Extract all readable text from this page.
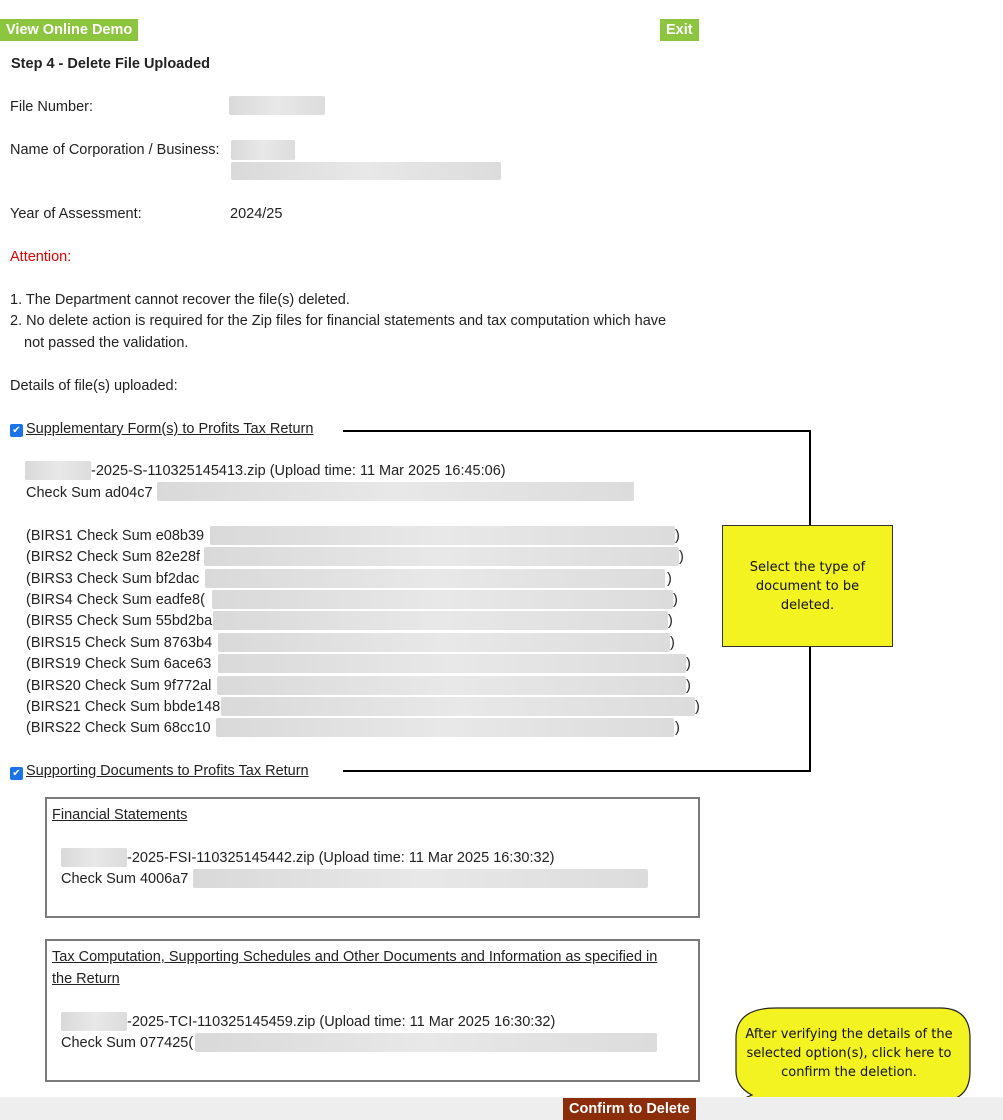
View Online Demo	Exit
Step 4 - Delete File Uploaded
File Number:
Name of Corporation / Business:
Year of Assessment:	2024/25
Attention:
1. The Department cannot recover the file(s) deleted.
2. No delete action is required for the Zip files for financial statements and tax computation which have
not passed the validation.
Details of file(s) uploaded:
✔ Supplementary Form(s) to Profits Tax Return
-2025-S-110325145413.zip (Upload time: 11 Mar 2025 16:45:06)
Check Sum ad04c7
(BIRS1 Check Sum e08b39	)
(BIRS2 Check Sum 82e28f	)
(BIRS3 Check Sum bf2dac	)
(BIRS4 Check Sum eadfe8(	)
(BIRS5 Check Sum 55bd2ba	)
(BIRS15 Check Sum 8763b4	)
(BIRS19 Check Sum 6ace63	)
(BIRS20 Check Sum 9f772al	)
(BIRS21 Check Sum bbde148	)
(BIRS22 Check Sum 68cc10	)
✔ Supporting Documents to Profits Tax Return
Financial Statements
-2025-FSI-110325145442.zip (Upload time: 11 Mar 2025 16:30:32)
Check Sum 4006a7
Tax Computation, Supporting Schedules and Other Documents and Information as specified in
the Return
-2025-TCI-110325145459.zip (Upload time: 11 Mar 2025 16:30:32)
Check Sum 077425(
Select the type of document to be deleted.
After verifying the details of the selected option(s), click here to confirm the deletion.
Confirm to Delete
